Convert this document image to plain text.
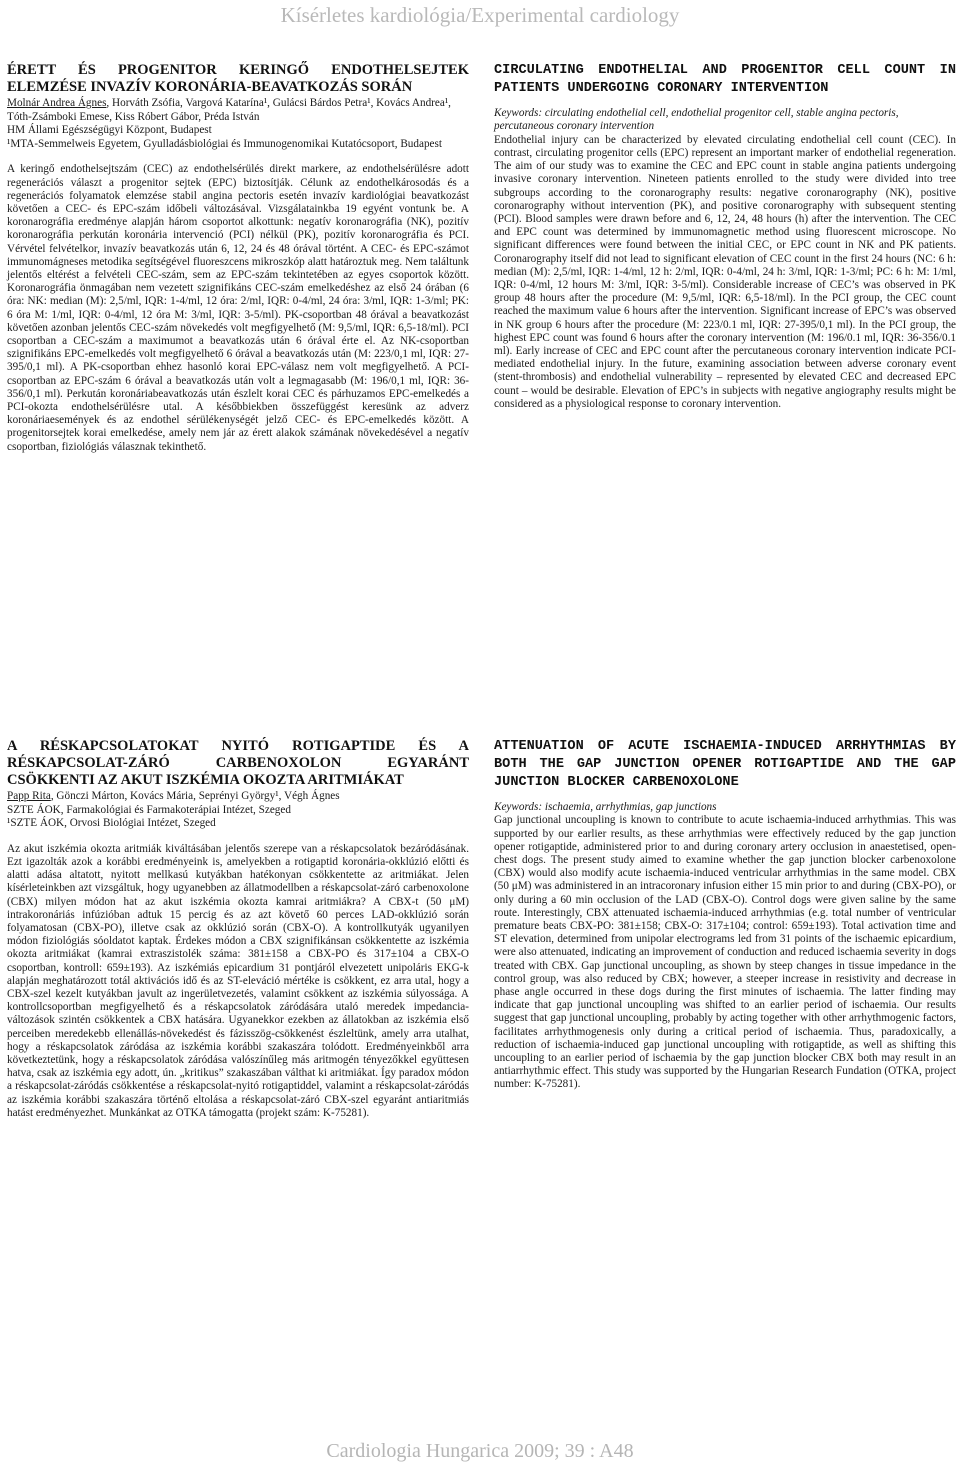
Kísérletes kardiológia/Experimental cardiology
ÉRETT ÉS PROGENITOR KERINGŐ ENDOTHELSEJTEK ELEMZÉSE INVAZÍV KORONÁRIA-BEAVATKOZÁS SORÁN

Molnár Andrea Ágnes, Horváth Zsófia, Vargová Katarína¹, Gulácsi Bárdos Petra¹, Kovács Andrea¹, Tóth-Zsámboki Emese, Kiss Róbert Gábor, Préda István

HM Állami Egészségügyi Központ, Budapest

¹MTA-Semmelweis Egyetem, Gyulladásbiológiai és Immunogenomikai Kutatócsoport, Budapest

A keringő endothelsejtszám (CEC) az endothelsérülés direkt markere, az endothelsérülésre adott regenerációs választ a progenitor sejtek (EPC) biztosítják. Célunk az endothelkárosodás és a regenerációs folyamatok elemzése stabil angina pectoris esetén invazív kardiológiai beavatkozást követően a CEC- és EPC-szám időbeli változásával. Vizsgálatainkba 19 egyént vontunk be. A koronarográfia eredménye alapján három csoportot alkottunk: negatív koronarográfia (NK), pozitív koronarográfia perkután koronária intervenció (PCI) nélkül (PK), pozitív koronarográfia és PCI. Vérvétel felvételkor, invazív beavatkozás után 6, 12, 24 és 48 órával történt. A CEC- és EPC-számot immunomágneses metodika segítségével fluoreszcens mikroszkóp alatt határoztuk meg. Nem találtunk jelentős eltérést a felvételi CEC-szám, sem az EPC-szám tekintetében az egyes csoportok között. Koronarográfia önmagában nem vezetett szignifikáns CEC-szám emelkedéshez az első 24 órában (6 óra: NK: median (M): 2,5/ml, IQR: 1-4/ml, 12 óra: 2/ml, IQR: 0-4/ml, 24 óra: 3/ml, IQR: 1-3/ml; PK: 6 óra M: 1/ml, IQR: 0-4/ml, 12 óra M: 3/ml, IQR: 3-5/ml). PK-csoportban 48 órával a beavatkozást követően azonban jelentős CEC-szám növekedés volt megfigyelhető (M: 9,5/ml, IQR: 6,5-18/ml). PCI csoportban a CEC-szám a maximumot a beavatkozás után 6 órával érte el. Az NK-csoportban szignifikáns EPC-emelkedés volt megfigyelhető 6 órával a beavatkozás után (M: 223/0,1 ml, IQR: 27-395/0,1 ml). A PK-csoportban ehhez hasonló korai EPC-válasz nem volt megfigyelhető. A PCI-csoportban az EPC-szám 6 órával a beavatkozás után volt a legmagasabb (M: 196/0,1 ml, IQR: 36-356/0,1 ml). Perkután koronáriabeavatkozás után észlelt korai CEC és párhuzamos EPC-emelkedés a PCI-okozta endothelsérülésre utal. A későbbiekben összefüggést keresünk az adverz koronáriaesemények és az endothel sérülékenységét jelző CEC- és EPC-emelkedés között. A progenitorsejtek korai emelkedése, amely nem jár az érett alakok számának növekedésével a negatív csoportban, fiziológiás válasznak tekinthető.

CIRCULATING ENDOTHELIAL AND PROGENITOR CELL COUNT IN PATIENTS UNDERGOING CORONARY INTERVENTION

Keywords: circulating endothelial cell, endothelial progenitor cell, stable angina pectoris, percutaneous coronary intervention

Endothelial injury can be characterized by elevated circulating endothelial cell count (CEC). In contrast, circulating progenitor cells (EPC) represent an important marker of endothelial regeneration. The aim of our study was to examine the CEC and EPC count in stable angina patients undergoing invasive coronary intervention. Nineteen patients enrolled to the study were divided into tree subgroups according to the coronarography results: negative coronarography (NK), positive coronarography without intervention (PK), and positive coronarography with subsequent stenting (PCI). Blood samples were drawn before and 6, 12, 24, 48 hours (h) after the intervention. The CEC and EPC count was determined by immunomagnetic method using fluorescent microscope. No significant differences were found between the initial CEC, or EPC count in NK and PK patients. Coronarography itself did not lead to significant elevation of CEC count in the first 24 hours (NC: 6 h: median (M): 2,5/ml, IQR: 1-4/ml, 12 h: 2/ml, IQR: 0-4/ml, 24 h: 3/ml, IQR: 1-3/ml; PC: 6 h: M: 1/ml, IQR: 0-4/ml, 12 hours M: 3/ml, IQR: 3-5/ml). Considerable increase of CEC’s was observed in PK group 48 hours after the procedure (M: 9,5/ml, IQR: 6,5-18/ml). In the PCI group, the CEC count reached the maximum value 6 hours after the intervention. Significant increase of EPC’s was observed in NK group 6 hours after the procedure (M: 223/0.1 ml, IQR: 27-395/0,1 ml). In the PCI group, the highest EPC count was found 6 hours after the coronary intervention (M: 196/0.1 ml, IQR: 36-356/0.1 ml). Early increase of CEC and EPC count after the percutaneous coronary intervention indicate PCI-mediated endothelial injury. In the future, examining association between adverse coronary event (stent-thrombosis) and endothelial vulnerability – represented by elevated CEC and decreased EPC count – would be desirable. Elevation of EPC’s in subjects with negative angiography results might be considered as a physiological response to coronary intervention.

A RÉSKAPCSOLATOKAT NYITÓ ROTIGAPTIDE ÉS A RÉSKAPCSOLAT-ZÁRÓ CARBENOXOLON EGYARÁNT CSÖKKENTI AZ AKUT ISZKÉMIA OKOZTA ARITMIÁKAT

Papp Rita, Gönczi Márton, Kovács Mária, Seprényi György¹, Végh Ágnes

SZTE ÁOK, Farmakológiai és Farmakoterápiai Intézet, Szeged

¹SZTE ÁOK, Orvosi Biológiai Intézet, Szeged

Az akut iszkémia okozta aritmiák kiváltásában jelentős szerepe van a réskapcsolatok bezáródásának. Ezt igazolták azok a korábbi eredményeink is, amelyekben a rotigaptid koronária-okklúzió előtti és alatti adása altatott, nyitott mellkasú kutyákban hatékonyan csökkentette az aritmiákat. Jelen kísérleteinkben azt vizsgáltuk, hogy ugyanebben az állatmodellben a réskapcsolat-záró carbenoxolone (CBX) milyen módon hat az akut iszkémia okozta kamrai aritmiákra? A CBX-t (50 μM) intrakoronáriás infúzióban adtuk 15 percig és az azt követő 60 perces LAD-okklúzió során folyamatosan (CBX-PO), illetve csak az okklúzió során (CBX-O). A kontrollkutyák ugyanilyen módon fiziológiás sóoldatot kaptak. Érdekes módon a CBX szignifikánsan csökkentette az iszkémia okozta aritmiákat (kamrai extraszistolék száma: 381±158 a CBX-PO és 317±104 a CBX-O csoportban, kontroll: 659±193). Az iszkémiás epicardium 31 pontjáról elvezetett unipoláris EKG-k alapján meghatározott totál aktivációs idő és az ST-eleváció mértéke is csökkent, ez arra utal, hogy a CBX-szel kezelt kutyákban javult az ingerületvezetés, valamint csökkent az iszkémia súlyossága. A kontrollcsoportban megfigyelhető és a réskapcsolatok záródására utaló meredek impedancia-változások szintén csökkentek a CBX hatására. Ugyanekkor ezekben az állatokban az iszkémia első perceiben meredekebb ellenállás-növekedést és fázisszög-csökkenést észleltünk, amely arra utalhat, hogy a réskapcsolatok záródása az iszkémia korábbi szakaszára tolódott. Eredményeinkből arra következtetünk, hogy a réskapcsolatok záródása valószínűleg más aritmogén tényezőkkel együttesen hatva, csak az iszkémia egy adott, ún. „kritikus” szakaszában válthat ki aritmiákat. Így paradox módon a réskapcsolat-záródás csökkentése a réskapcsolat-nyitó rotigaptiddel, valamint a réskapcsolat-záródás az iszkémia korábbi szakaszára történő eltolása a réskapcsolat-záró CBX-szel egyaránt antiaritmiás hatást eredményezhet. Munkánkat az OTKA támogatta (projekt szám: K-75281).

ATTENUATION OF ACUTE ISCHAEMIA-INDUCED ARRHYTHMIAS BY BOTH THE GAP JUNCTION OPENER ROTIGAPTIDE AND THE GAP JUNCTION BLOCKER CARBENOXOLONE

Keywords: ischaemia, arrhythmias, gap junctions

Gap junctional uncoupling is known to contribute to acute ischaemia-induced arrhythmias. This was supported by our earlier results, as these arrhythmias were effectively reduced by the gap junction opener rotigaptide, administered prior to and during coronary artery occlusion in anaestetised, open-chest dogs. The present study aimed to examine whether the gap junction blocker carbenoxolone (CBX) would also modify acute ischaemia-induced ventricular arrhythmias in the same model. CBX (50 μM) was administered in an intracoronary infusion either 15 min prior to and during (CBX-PO), or only during a 60 min occlusion of the LAD (CBX-O). Control dogs were given saline by the same route. Interestingly, CBX attenuated ischaemia-induced arrhythmias (e.g. total number of ventricular premature beats CBX-PO: 381±158; CBX-O: 317±104; control: 659±193). Total activation time and ST elevation, determined from unipolar electrograms led from 31 points of the ischaemic epicardium, were also attenuated, indicating an improvement of conduction and reduced ischaemia severity in dogs treated with CBX. Gap junctional uncoupling, as shown by steep changes in tissue impedance in the control group, was also reduced by CBX; however, a steeper increase in resistivity and decrease in phase angle occurred in these dogs during the first minutes of ischaemia. The latter finding may indicate that gap junctional uncoupling was shifted to an earlier period of ischaemia. Our results suggest that gap junctional uncoupling, probably by acting together with other arrhythmogenic factors, facilitates arrhythmogenesis only during a critical period of ischaemia. Thus, paradoxically, a reduction of ischaemia-induced gap junctional uncoupling with rotigaptide, as well as shifting this uncoupling to an earlier period of ischaemia by the gap junction blocker CBX both may result in an antiarrhythmic effect. This study was supported by the Hungarian Research Fundation (OTKA, project number: K-75281).

Cardiologia Hungarica 2009; 39 : A48
